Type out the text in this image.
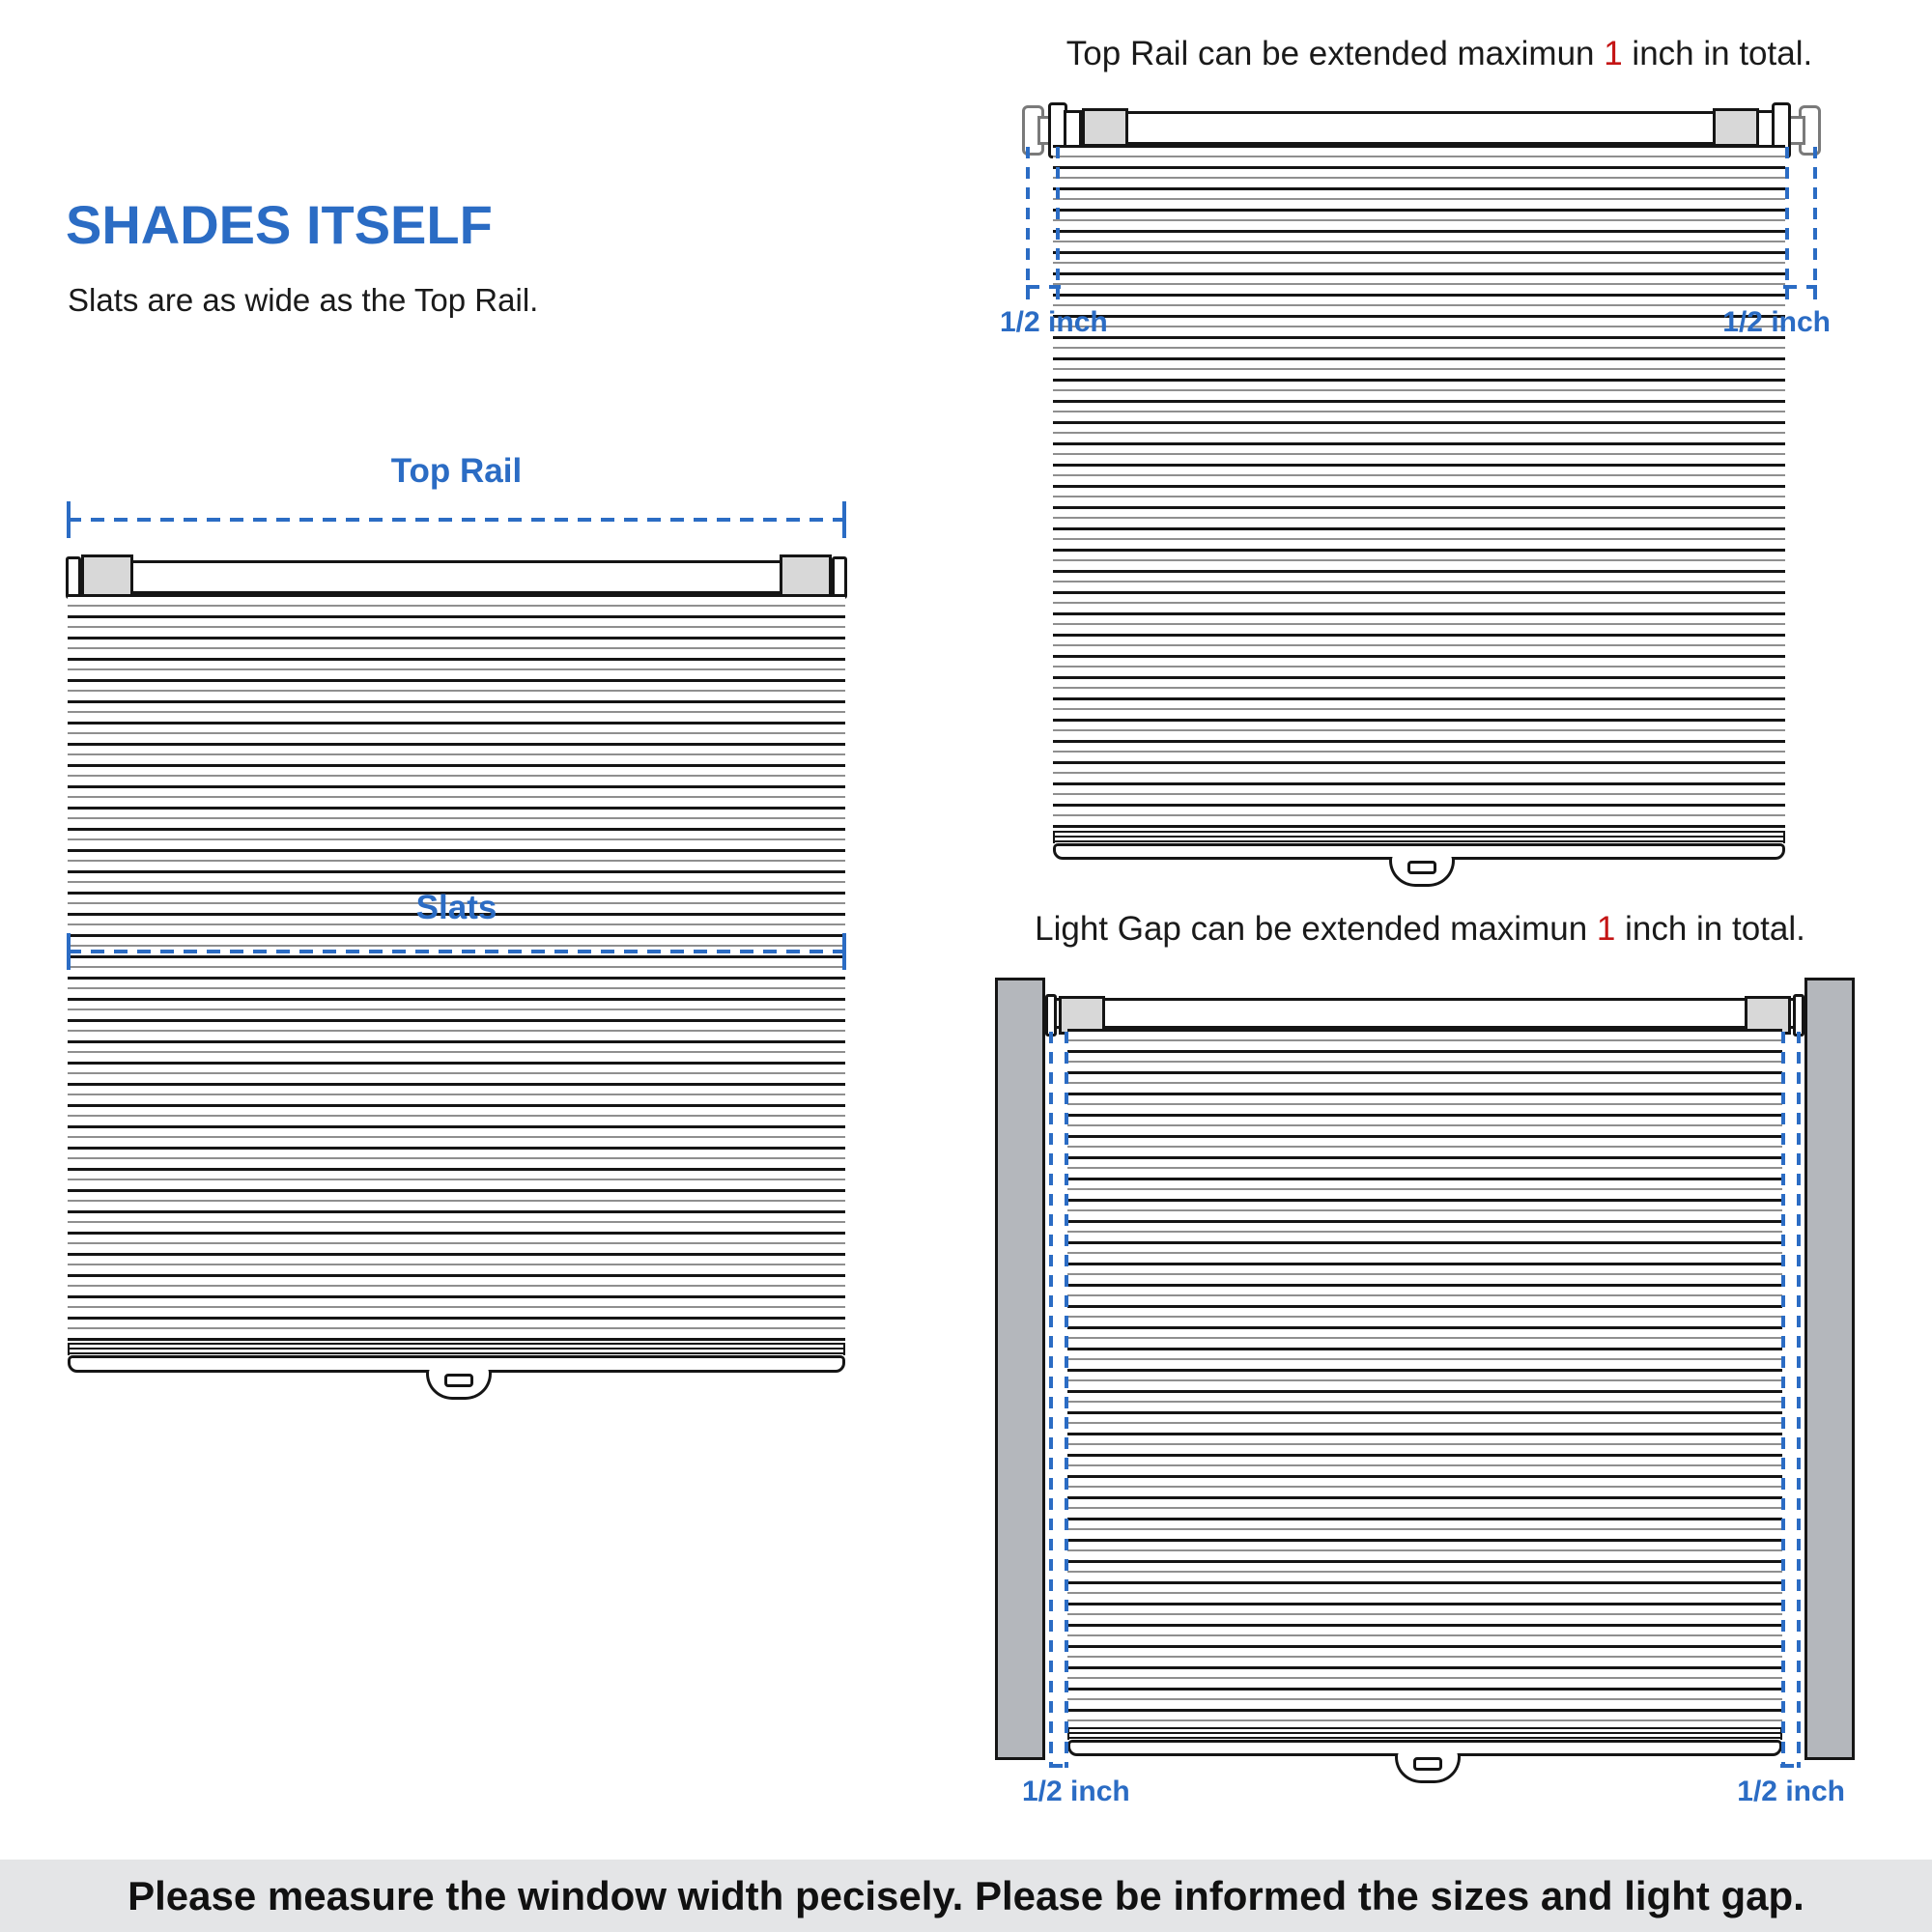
SHADES ITSELF
Slats are as wide as the Top Rail.
Top Rail
Slats
Top Rail can be extended maximun 1 inch in total.
1/2 inch	1/2 inch
Light Gap can be extended maximun 1 inch in total.
1/2 inch	1/2 inch
Please measure the window width pecisely. Please be informed the sizes and light gap.
